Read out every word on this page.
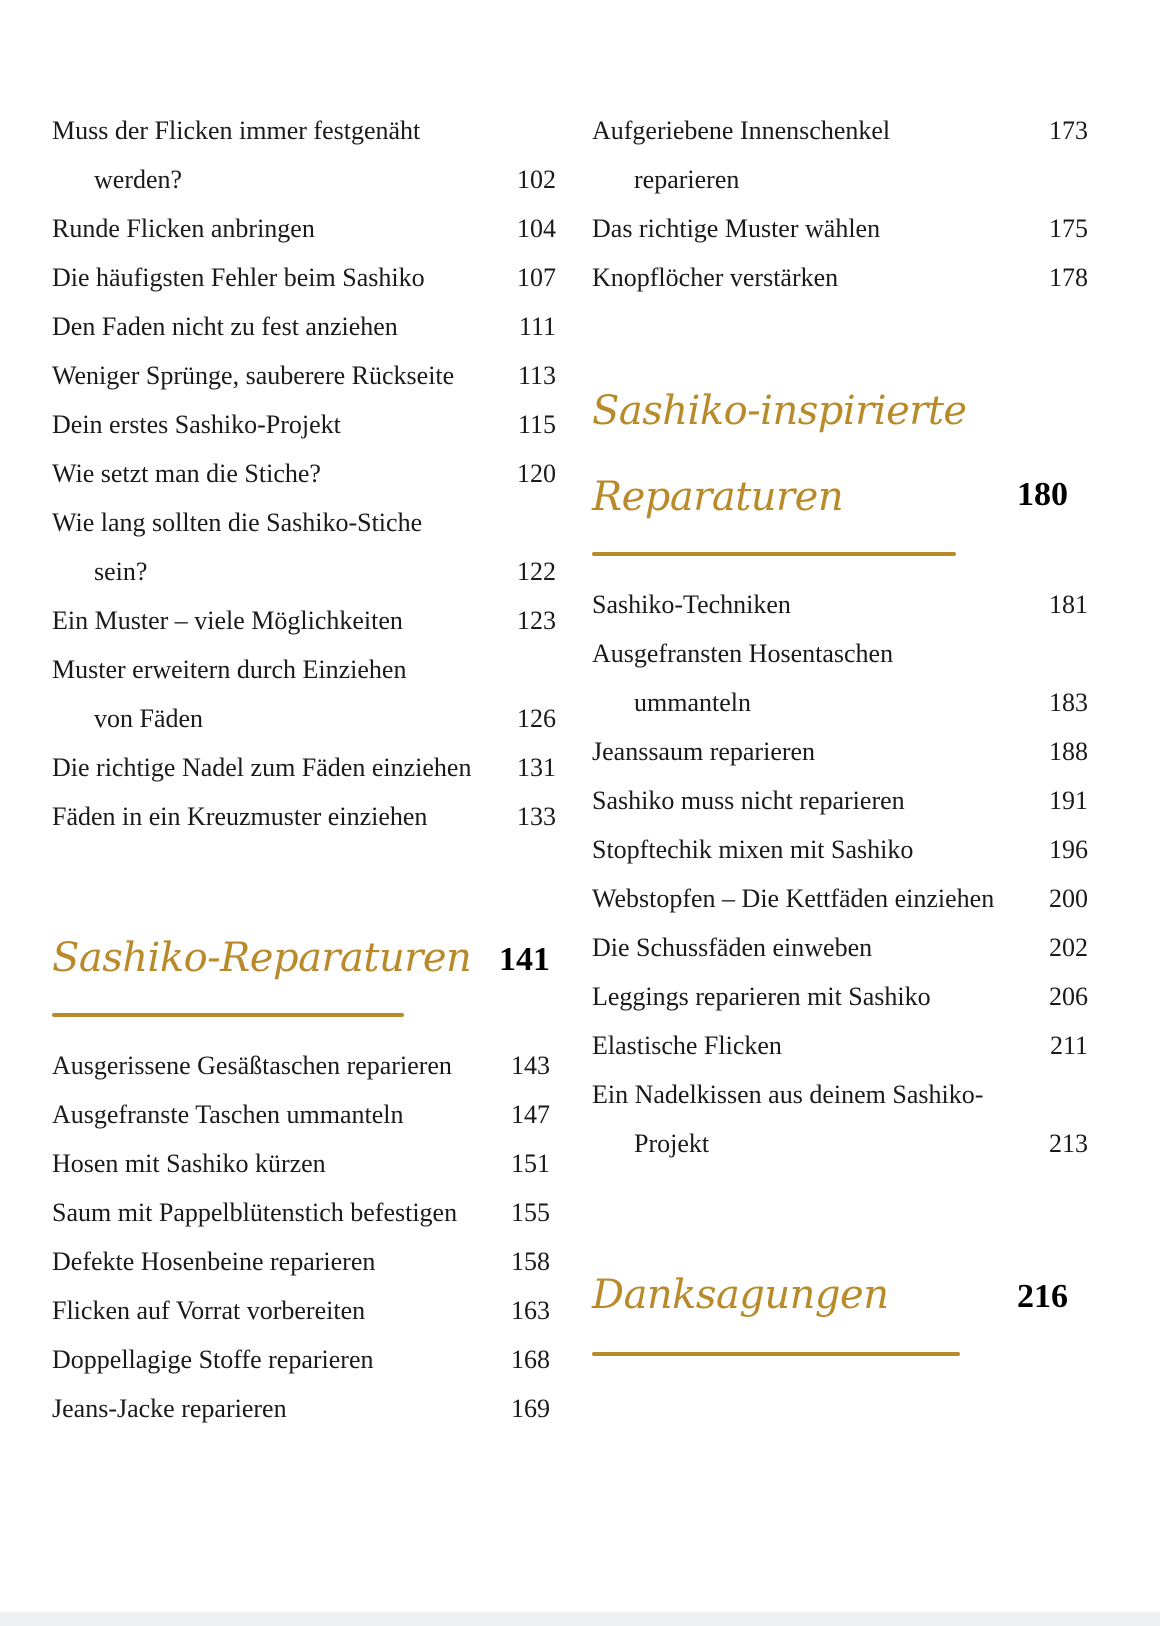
Muss der Flicken immer festgenäht
werden?	102
Runde Flicken anbringen	104
Die häufigsten Fehler beim Sashiko	107
Den Faden nicht zu fest anziehen	111
Weniger Sprünge, sauberere Rückseite 113
Dein erstes Sashiko-Projekt	115
Wie setzt man die Stiche?	120
Wie lang sollten die Sashiko-Stiche
sein?	122
Ein Muster – viele Möglichkeiten	123
Muster erweitern durch Einziehen
von Fäden	126
Die richtige Nadel zum Fäden einziehen 131
Fäden in ein Kreuzmuster einziehen	133
Sashiko-Reparaturen 141
Ausgerissene Gesäßtaschen reparieren 143
Ausgefranste Taschen ummanteln	147
Hosen mit Sashiko kürzen	151
Saum mit Pappelblütenstich befestigen 155
Defekte Hosenbeine reparieren	158
Flicken auf Vorrat vorbereiten	163
Doppellagige Stoffe reparieren	168
Jeans-Jacke reparieren	169
Aufgeriebene Innenschenkel	173
reparieren
Das richtige Muster wählen	175
Knopflöcher verstärken	178
Sashiko-inspirierte
Reparaturen	180
Sashiko-Techniken	181
Ausgefransten Hosentaschen
ummanteln	183
Jeanssaum reparieren	188
Sashiko muss nicht reparieren	191
Stopftechik mixen mit Sashiko	196
Webstopfen – Die Kettfäden einziehen 200
Die Schussfäden einweben	202
Leggings reparieren mit Sashiko	206
Elastische Flicken	211
Ein Nadelkissen aus deinem Sashiko-
Projekt	213
Danksagungen	216
